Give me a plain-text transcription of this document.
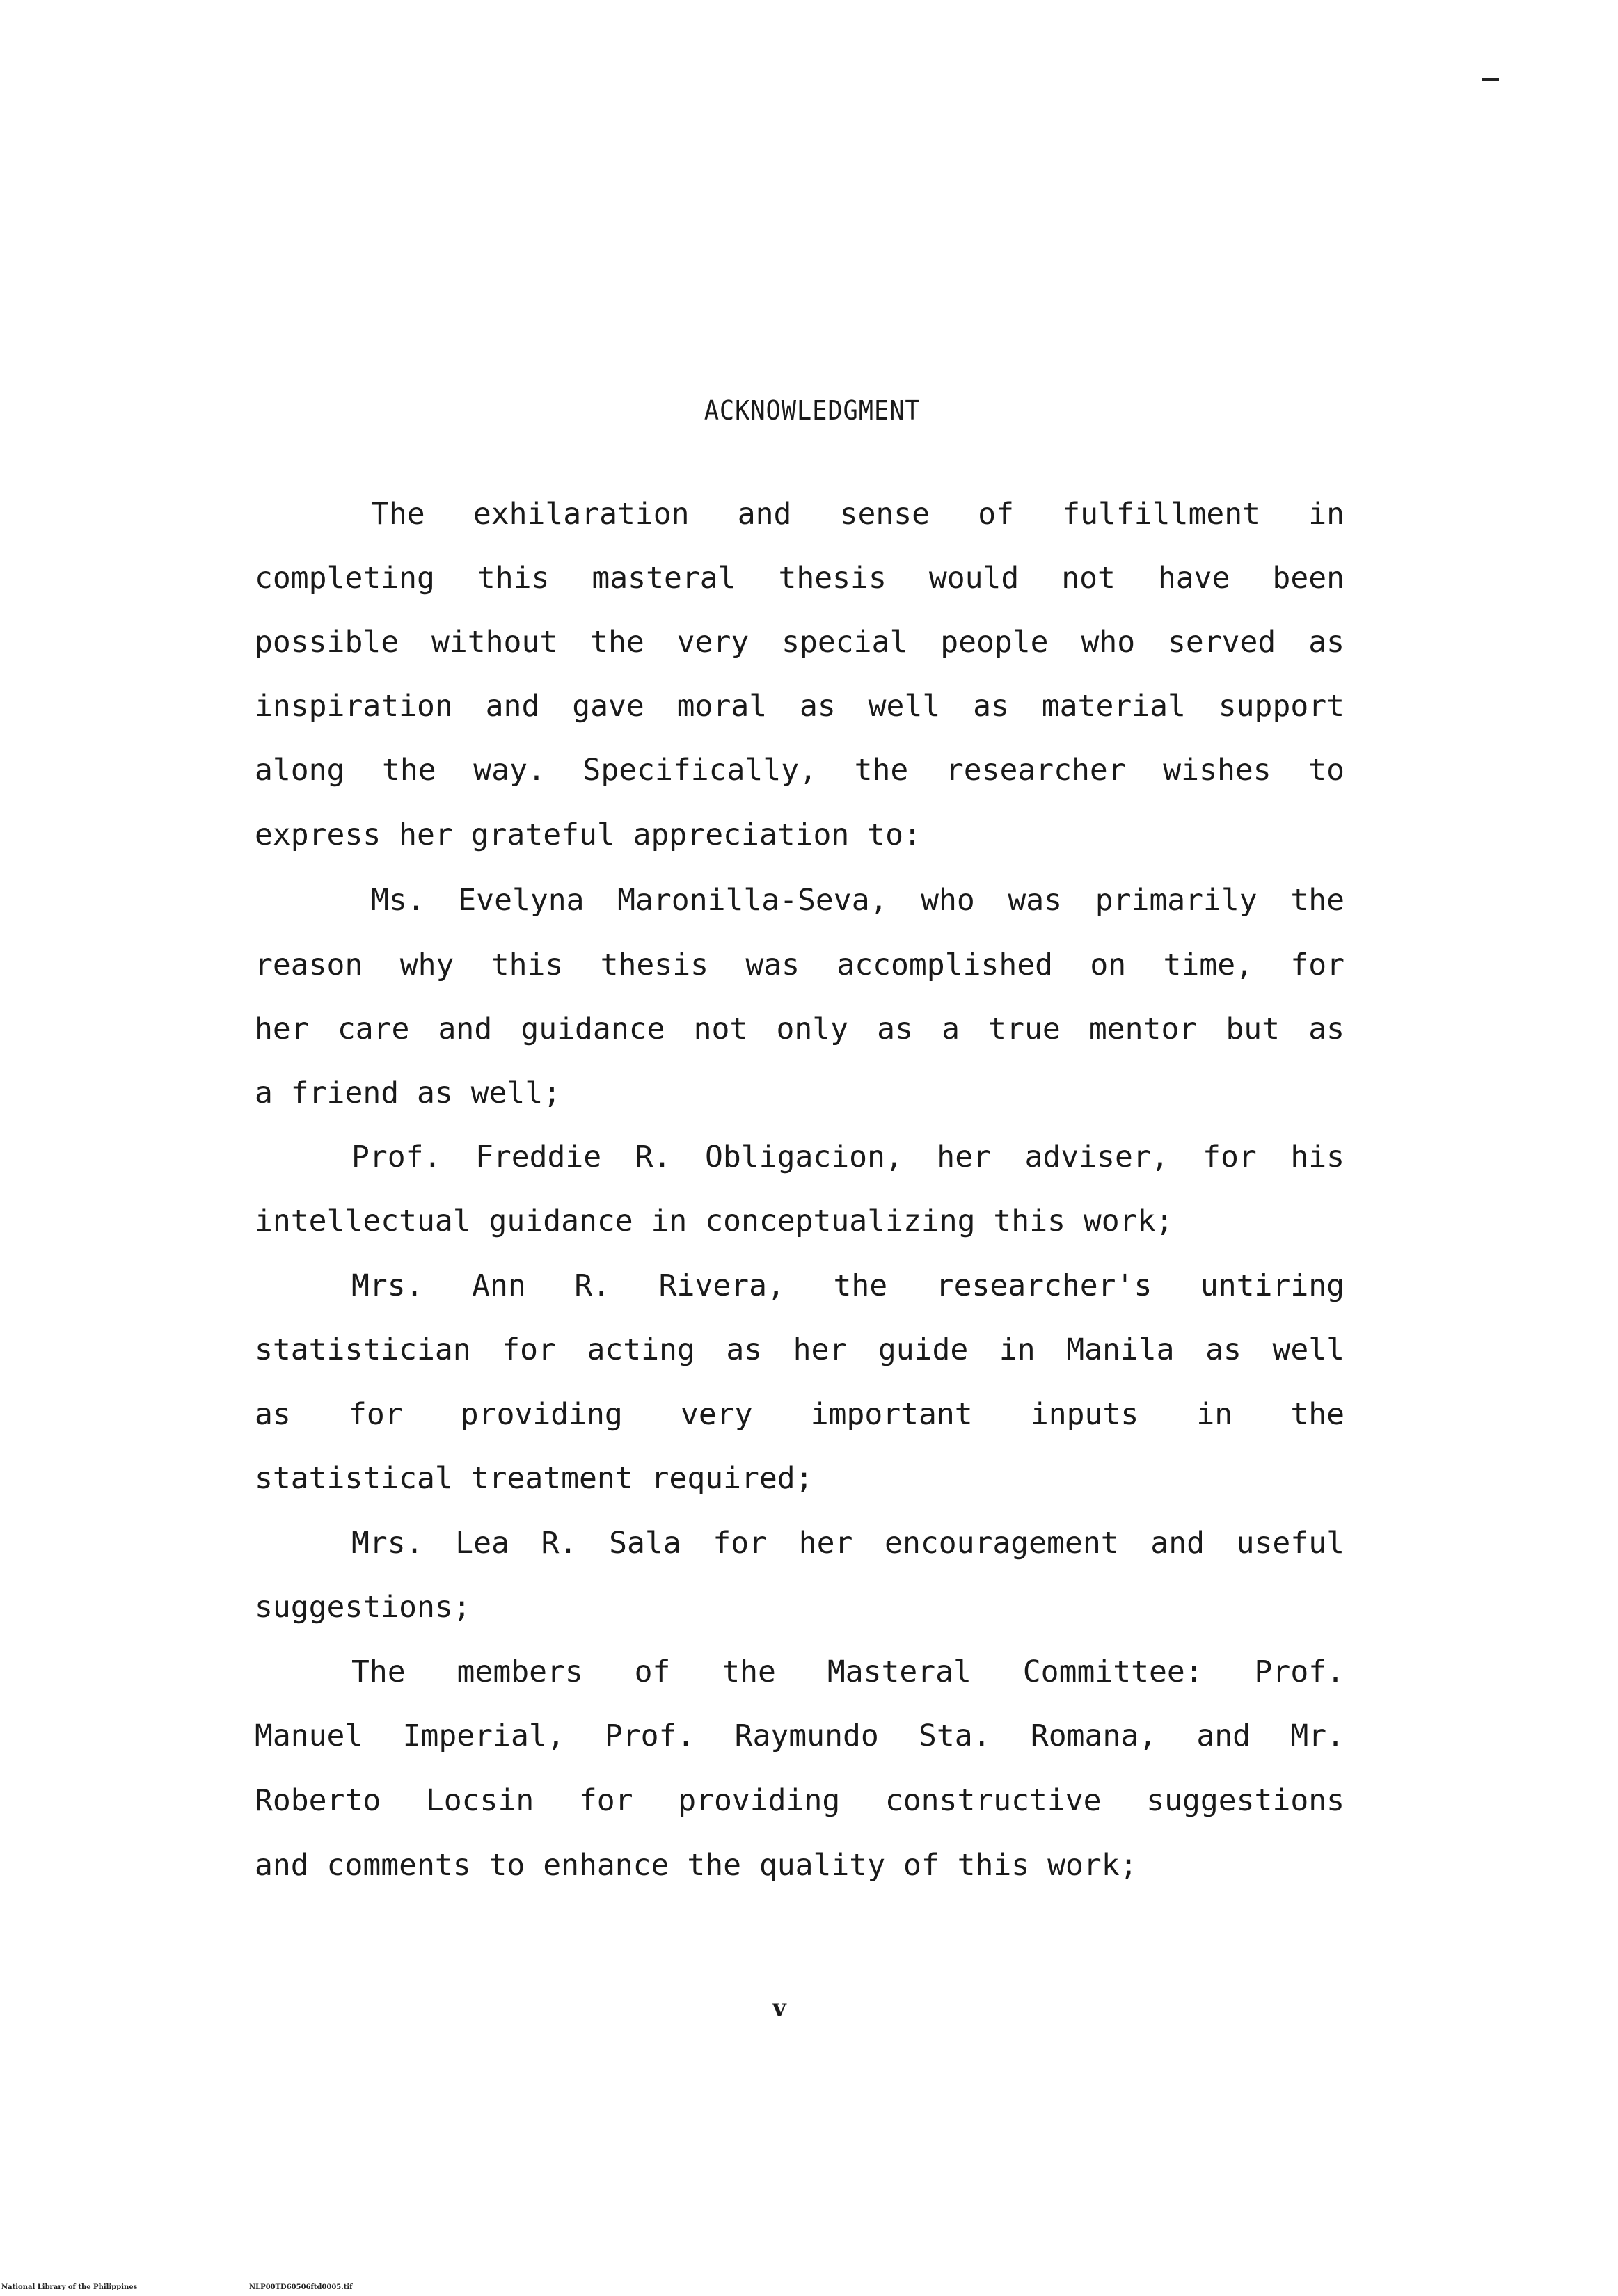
ACKNOWLEDGMENT
The exhilaration and sense of fulfillment in
completing this masteral thesis would not have been
possible without the very special people who served as
inspiration and gave moral as well as material support
along the way. Specifically, the researcher wishes to
express her grateful appreciation to:
Ms. Evelyna Maronilla-Seva, who was primarily the
reason why this thesis was accomplished on time, for
her care and guidance not only as a true mentor but as
a friend as well;
Prof. Freddie R. Obligacion, her adviser, for his
intellectual guidance in conceptualizing this work;
Mrs. Ann R. Rivera, the researcher's untiring
statistician for acting as her guide in Manila as well
as for providing very important inputs in the
statistical treatment required;
Mrs. Lea R. Sala for her encouragement and useful
suggestions;
The members of the Masteral Committee: Prof.
Manuel Imperial, Prof. Raymundo Sta. Romana, and Mr.
Roberto Locsin for providing constructive suggestions
and comments to enhance the quality of this work;
v
National Library of the Philippines	NLP00TD60506ftd0005.tif
